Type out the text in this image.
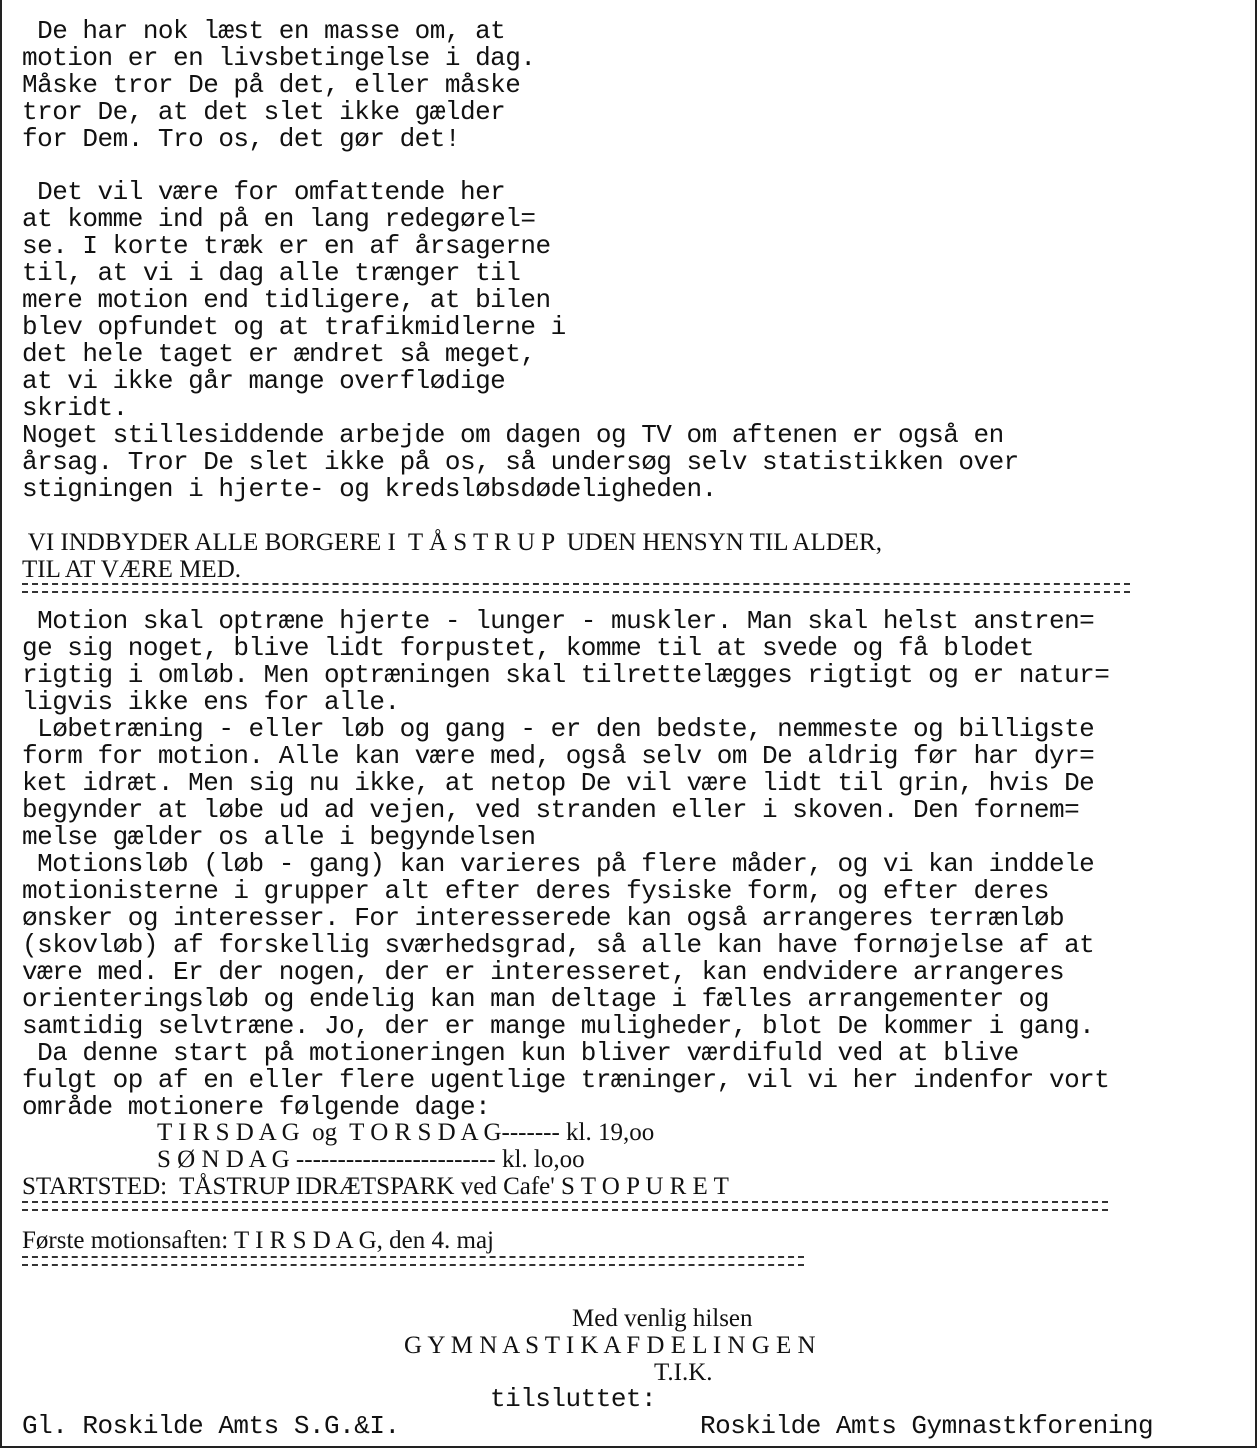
De har nok læst en masse om, at
motion er en livsbetingelse i dag.
Måske tror De på det, eller måske
tror De, at det slet ikke gælder
for Dem. Tro os, det gør det!
Det vil være for omfattende her
at komme ind på en lang redegørel=
se. I korte træk er en af årsagerne
til, at vi i dag alle trænger til
mere motion end tidligere, at bilen
blev opfundet og at trafikmidlerne i
det hele taget er ændret så meget,
at vi ikke går mange overflødige
skridt.
Noget stillesiddende arbejde om dagen og TV om aftenen er også en
årsag. Tror De slet ikke på os, så undersøg selv statistikken over
stigningen i hjerte- og kredsløbsdødeligheden.
VI INDBYDER ALLE BORGERE I  T Å S T R U P  UDEN HENSYN TIL ALDER,
TIL AT VÆRE MED.
Motion skal optræne hjerte - lunger - muskler. Man skal helst anstren=
ge sig noget, blive lidt forpustet, komme til at svede og få blodet
rigtig i omløb. Men optræningen skal tilrettelægges rigtigt og er natur=
ligvis ikke ens for alle.
Løbetræning - eller løb og gang - er den bedste, nemmeste og billigste
form for motion. Alle kan være med, også selv om De aldrig før har dyr=
ket idræt. Men sig nu ikke, at netop De vil være lidt til grin, hvis De
begynder at løbe ud ad vejen, ved stranden eller i skoven. Den fornem=
melse gælder os alle i begyndelsen
Motionsløb (løb - gang) kan varieres på flere måder, og vi kan inddele
motionisterne i grupper alt efter deres fysiske form, og efter deres
ønsker og interesser. For interesserede kan også arrangeres terrænløb
(skovløb) af forskellig sværhedsgrad, så alle kan have fornøjelse af at
være med. Er der nogen, der er interesseret, kan endvidere arrangeres
orienteringsløb og endelig kan man deltage i fælles arrangementer og
samtidig selvtræne. Jo, der er mange muligheder, blot De kommer i gang.
Da denne start på motioneringen kun bliver værdifuld ved at blive
fulgt op af en eller flere ugentlige træninger, vil vi her indenfor vort
område motionere følgende dage:
T I R S D A G  og  T O R S D A G------- kl. 19,oo
S Ø N D A G ------------------------ kl. lo,oo
STARTSTED:  TÅSTRUP IDRÆTSPARK ved Cafe' S T O P U R E T
Første motionsaften: T I R S D A G, den 4. maj
Med venlig hilsen
G Y M N A S T I K A F D E L I N G E N
T.I.K.
tilsluttet:
Gl. Roskilde Amts S.G.&I.	Roskilde Amts Gymnastkforening
